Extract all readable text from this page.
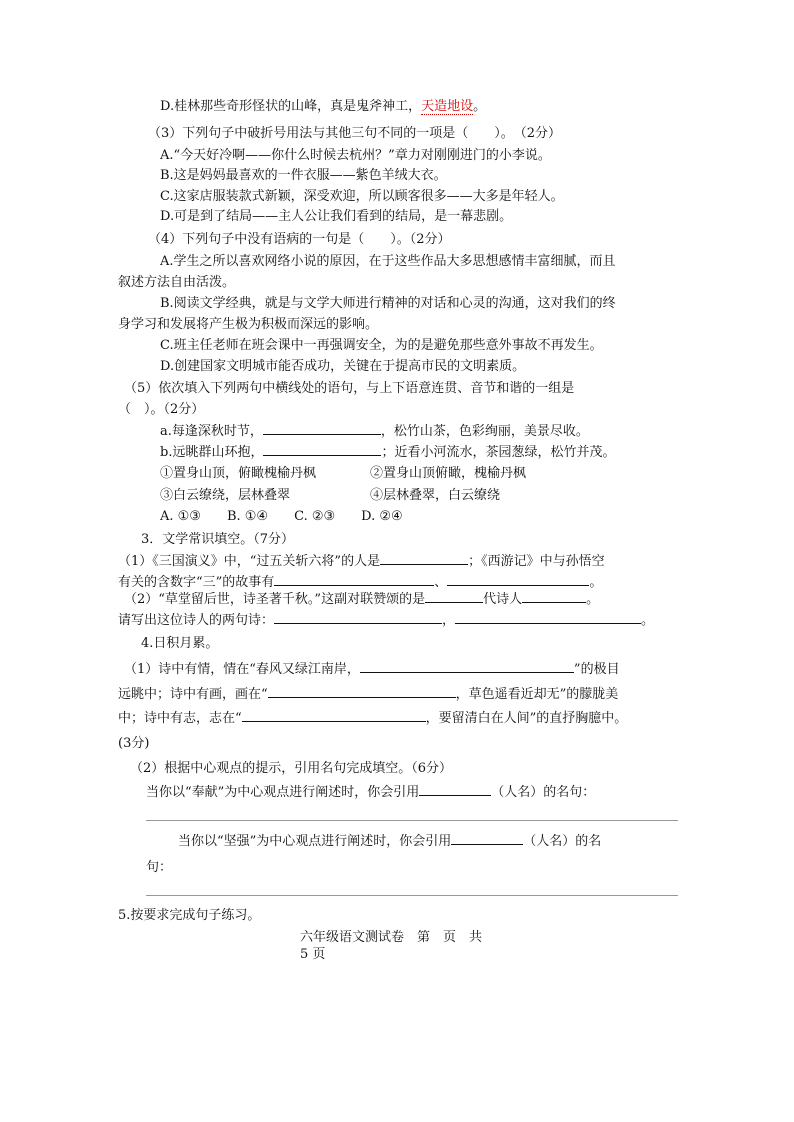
D.桂林那些奇形怪状的山峰，真是鬼斧神工，天造地设。
（3）下列句子中破折号用法与其他三句不同的一项是（　　）。　（2分）
A.“今天好冷啊——你什么时候去杭州？”章力对刚刚进门的小李说。
B.这是妈妈最喜欢的一件衣服——紫色羊绒大衣。
C.这家店服装款式新颖，深受欢迎，所以顾客很多——大多是年轻人。
D.可是到了结局——主人公让我们看到的结局，是一幕悲剧。
（4）下列句子中没有语病的一句是（　　）。（2分）
A.学生之所以喜欢网络小说的原因，在于这些作品大多思想感情丰富细腻，而且
叙述方法自由活泼。
B.阅读文学经典，就是与文学大师进行精神的对话和心灵的沟通，这对我们的终
身学习和发展将产生极为积极而深远的影响。
C.班主任老师在班会课中一再强调安全，为的是避免那些意外事故不再发生。
D.创建国家文明城市能否成功，关键在于提高市民的文明素质。
（5）依次填入下列两句中横线处的语句，与上下语意连贯、音节和谐的一组是
（　）。（2分）
a.每逢深秋时节，	，松竹山茶，色彩绚丽，美景尽收。
b.远眺群山环抱，	；近看小河流水，茶园葱绿，松竹并茂。
①置身山顶，俯瞰槐榆丹枫	②置身山顶俯瞰，槐榆丹枫
③白云缭绕，层林叠翠	④层林叠翠，白云缭绕
A. ①③　　B. ①④　　C. ②③　　D. ②④
3．文学常识填空。（7分）
（1）《三国演义》中，“过五关斩六将”的人是	；《西游记》中与孙悟空
有关的含数字“三”的故事有	、	。
（2）“草堂留后世，诗圣著千秋。”这副对联赞颂的是	代诗人	。
请写出这位诗人的两句诗：	，	。
4.日积月累。
（1）诗中有情，情在“春风又绿江南岸，	”的极目
远眺中；诗中有画，画在“	，草色遥看近却无”的朦胧美
中；诗中有志，志在“	，要留清白在人间”的直抒胸臆中。
(3分)
（2）根据中心观点的提示，引用名句完成填空。（6分）
当你以“奉献”为中心观点进行阐述时，你会引用	（人名）的名句：
当你以“坚强”为中心观点进行阐述时，你会引用	（人名）的名
句：
5.按要求完成句子练习。
六年级语文测试卷　第　页　共
5 页
